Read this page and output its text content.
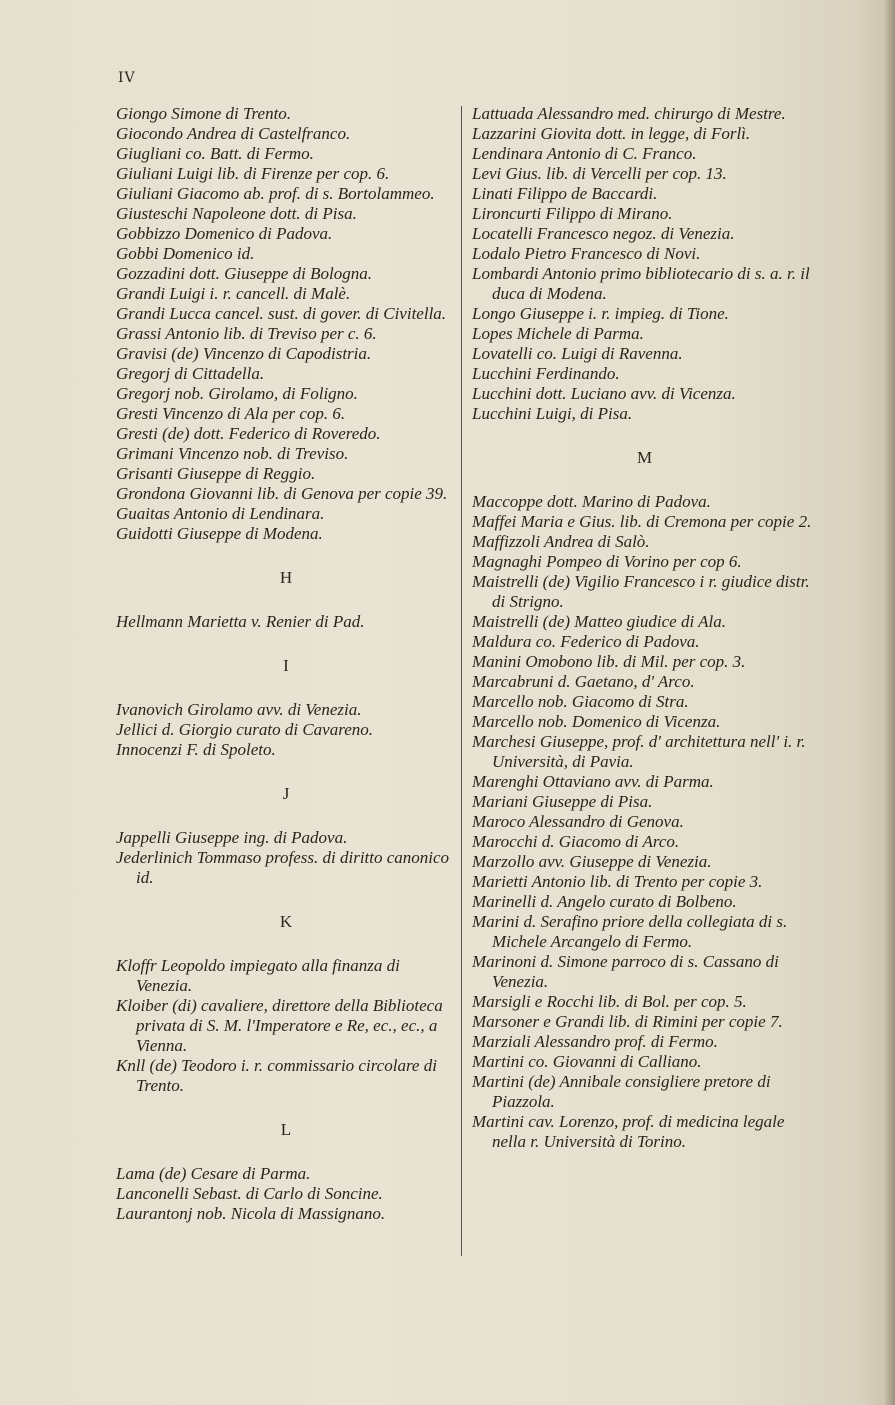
IV

Giongo Simone di Trento.

Giocondo Andrea di Castelfranco.

Giugliani co. Batt. di Fermo.

Giuliani Luigi lib. di Firenze per cop. 6.

Giuliani Giacomo ab. prof. di s. Bortolammeo.

Giusteschi Napoleone dott. di Pisa.

Gobbizzo Domenico di Padova.

Gobbi Domenico id.

Gozzadini dott. Giuseppe di Bologna.

Grandi Luigi i. r. cancell. di Malè.

Grandi Lucca cancel. sust. di gover. di Civitella.

Grassi Antonio lib. di Treviso per c. 6.

Gravisi (de) Vincenzo di Capodistria.

Gregorj di Cittadella.

Gregorj nob. Girolamo, di Foligno.

Gresti Vincenzo di Ala per cop. 6.

Gresti (de) dott. Federico di Roveredo.

Grimani Vincenzo nob. di Treviso.

Grisanti Giuseppe di Reggio.

Grondona Giovanni lib. di Genova per copie 39.

Guaitas Antonio di Lendinara.

Guidotti Giuseppe di Modena.

H

Hellmann Marietta v. Renier di Pad.

I

Ivanovich Girolamo avv. di Venezia.

Jellici d. Giorgio curato di Cavareno.

Innocenzi F. di Spoleto.

J

Jappelli Giuseppe ing. di Padova.

Jederlinich Tommaso profess. di diritto canonico id.

K

Kloffr Leopoldo impiegato alla finanza di Venezia.

Kloiber (di) cavaliere, direttore della Biblioteca privata di S. M. l'Imperatore e Re, ec., ec., a Vienna.

Knll (de) Teodoro i. r. commissario circolare di Trento.

L

Lama (de) Cesare di Parma.

Lanconelli Sebast. di Carlo di Soncine.

Laurantonj nob. Nicola di Massignano.

Lattuada Alessandro med. chirurgo di Mestre.

Lazzarini Giovita dott. in legge, di Forlì.

Lendinara Antonio di C. Franco.

Levi Gius. lib. di Vercelli per cop. 13.

Linati Filippo de Baccardi.

Lironcurti Filippo di Mirano.

Locatelli Francesco negoz. di Venezia.

Lodalo Pietro Francesco di Novi.

Lombardi Antonio primo bibliotecario di s. a. r. il duca di Modena.

Longo Giuseppe i. r. impieg. di Tione.

Lopes Michele di Parma.

Lovatelli co. Luigi di Ravenna.

Lucchini Ferdinando.

Lucchini dott. Luciano avv. di Vicenza.

Lucchini Luigi, di Pisa.

M

Maccoppe dott. Marino di Padova.

Maffei Maria e Gius. lib. di Cremona per copie 2.

Maffizzoli Andrea di Salò.

Magnaghi Pompeo di Vorino per cop 6.

Maistrelli (de) Vigilio Francesco i r. giudice distr. di Strigno.

Maistrelli (de) Matteo giudice di Ala.

Maldura co. Federico di Padova.

Manini Omobono lib. di Mil. per cop. 3.

Marcabruni d. Gaetano, d' Arco.

Marcello nob. Giacomo di Stra.

Marcello nob. Domenico di Vicenza.

Marchesi Giuseppe, prof. d' architettura nell' i. r. Università, di Pavia.

Marenghi Ottaviano avv. di Parma.

Mariani Giuseppe di Pisa.

Maroco Alessandro di Genova.

Marocchi d. Giacomo di Arco.

Marzollo avv. Giuseppe di Venezia.

Marietti Antonio lib. di Trento per copie 3.

Marinelli d. Angelo curato di Bolbeno.

Marini d. Serafino priore della collegiata di s. Michele Arcangelo di Fermo.

Marinoni d. Simone parroco di s. Cassano di Venezia.

Marsigli e Rocchi lib. di Bol. per cop. 5.

Marsoner e Grandi lib. di Rimini per copie 7.

Marziali Alessandro prof. di Fermo.

Martini co. Giovanni di Calliano.

Martini (de) Annibale consigliere pretore di Piazzola.

Martini cav. Lorenzo, prof. di medicina legale nella r. Università di Torino.
